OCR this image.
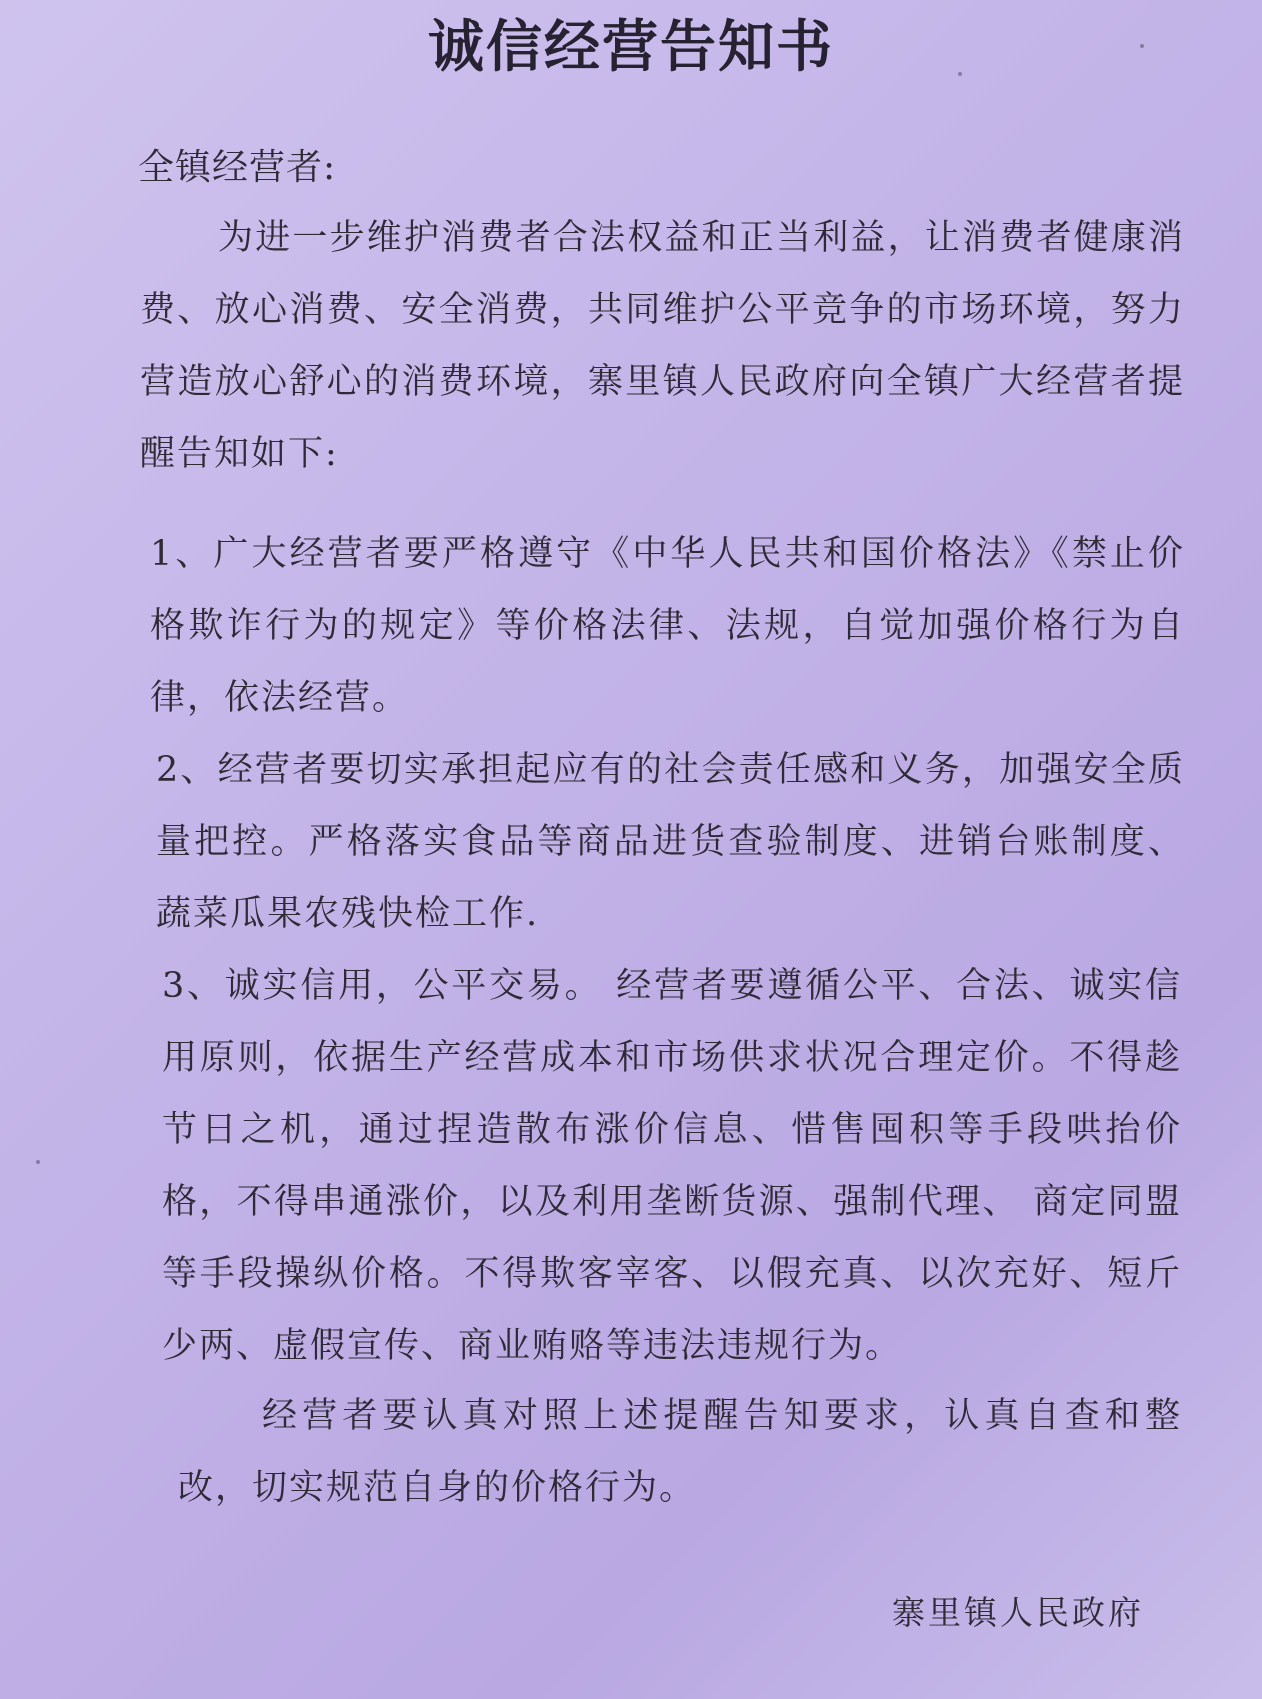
诚信经营告知书
全镇经营者:
为进一步维护消费者合法权益和正当利益，让消费者健康消费、放心消费、安全消费，共同维护公平竞争的市场环境，努力营造放心舒心的消费环境，寨里镇人民政府向全镇广大经营者提醒告知如下:
1、广大经营者要严格遵守《中华人民共和国价格法》《禁止价格欺诈行为的规定》等价格法律、法规，自觉加强价格行为自律，依法经营。
2、经营者要切实承担起应有的社会责任感和义务，加强安全质量把控。严格落实食品等商品进货查验制度、进销台账制度、蔬菜瓜果农残快检工作.
3、诚实信用，公平交易。 经营者要遵循公平、合法、诚实信用原则，依据生产经营成本和市场供求状况合理定价。不得趁节日之机，通过捏造散布涨价信息、惜售囤积等手段哄抬价格，不得串通涨价，以及利用垄断货源、强制代理、 商定同盟等手段操纵价格。不得欺客宰客、以假充真、以次充好、短斤少两、虚假宣传、商业贿赂等违法违规行为。
经营者要认真对照上述提醒告知要求，认真自查和整改，切实规范自身的价格行为。
寨里镇人民政府
